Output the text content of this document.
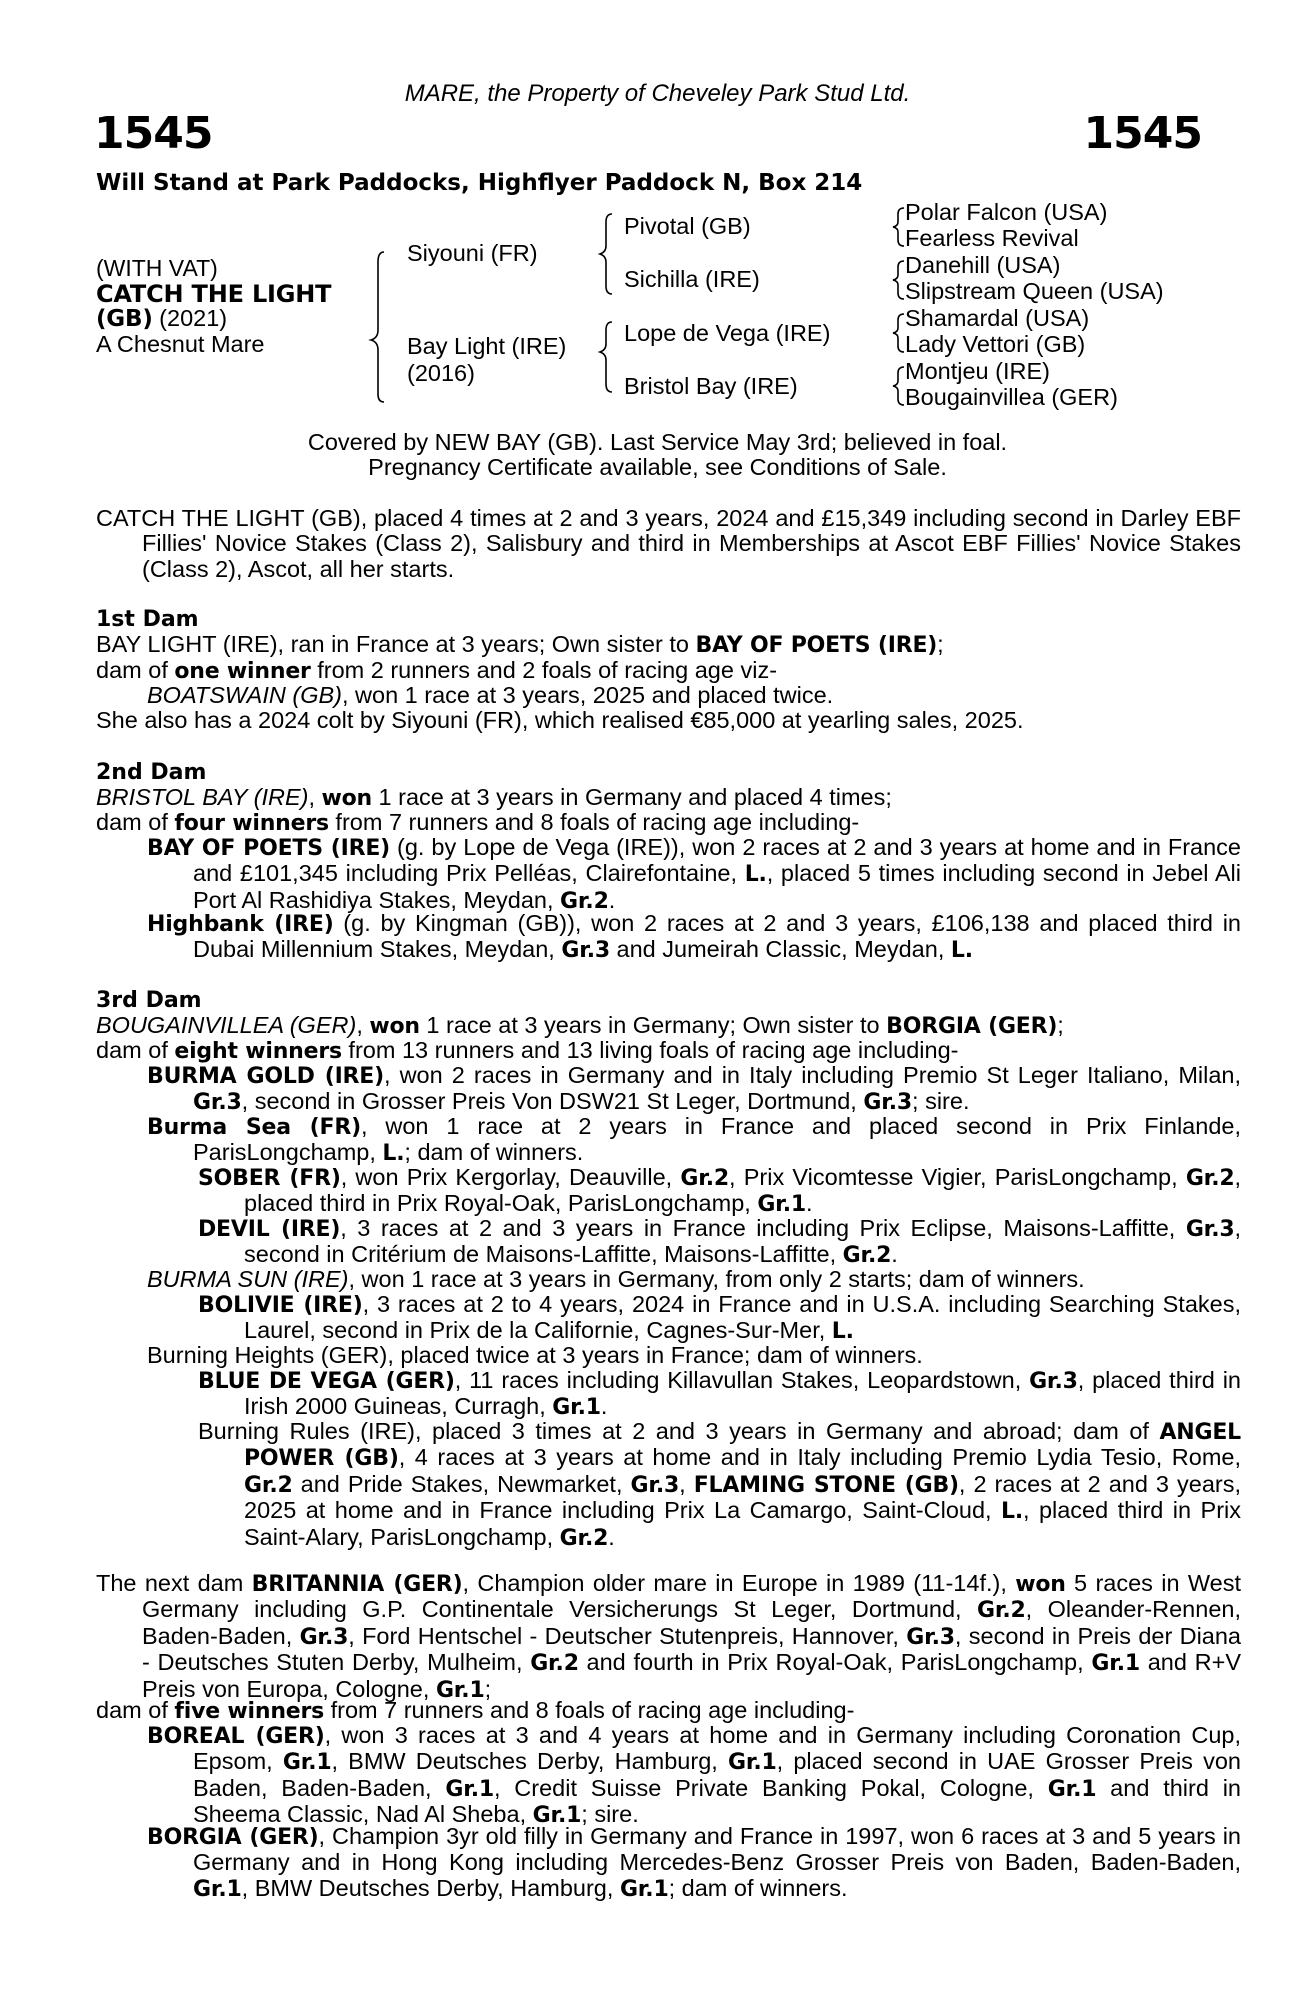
MARE, the Property of Cheveley Park Stud Ltd.
1545	1545
Will Stand at Park Paddocks, Highflyer Paddock N, Box 214
(WITH VAT)
CATCH THE LIGHT
(GB) (2021)
A Chesnut Mare
Siyouni (FR)
Bay Light (IRE)
(2016)
Pivotal (GB)
Sichilla (IRE)
Lope de Vega (IRE)
Bristol Bay (IRE)
Polar Falcon (USA)
Fearless Revival
Danehill (USA)
Slipstream Queen (USA)
Shamardal (USA)
Lady Vettori (GB)
Montjeu (IRE)
Bougainvillea (GER)
Covered by NEW BAY (GB). Last Service May 3rd; believed in foal.
Pregnancy Certificate available, see Conditions of Sale.
CATCH THE LIGHT (GB), placed 4 times at 2 and 3 years, 2024 and £15,349 including second in Darley EBF Fillies' Novice Stakes (Class 2), Salisbury and third in Memberships at Ascot EBF Fillies' Novice Stakes (Class 2), Ascot, all her starts.
1st Dam
BAY LIGHT (IRE), ran in France at 3 years; Own sister to BAY OF POETS (IRE);
dam of one winner from 2 runners and 2 foals of racing age viz-
BOATSWAIN (GB), won 1 race at 3 years, 2025 and placed twice.
She also has a 2024 colt by Siyouni (FR), which realised €85,000 at yearling sales, 2025.
2nd Dam
BRISTOL BAY (IRE), won 1 race at 3 years in Germany and placed 4 times;
dam of four winners from 7 runners and 8 foals of racing age including-
BAY OF POETS (IRE) (g. by Lope de Vega (IRE)), won 2 races at 2 and 3 years at home and in France and £101,345 including Prix Pelléas, Clairefontaine, L., placed 5 times including second in Jebel Ali Port Al Rashidiya Stakes, Meydan, Gr.2.
Highbank (IRE) (g. by Kingman (GB)), won 2 races at 2 and 3 years, £106,138 and placed third in Dubai Millennium Stakes, Meydan, Gr.3 and Jumeirah Classic, Meydan, L.
3rd Dam
BOUGAINVILLEA (GER), won 1 race at 3 years in Germany; Own sister to BORGIA (GER);
dam of eight winners from 13 runners and 13 living foals of racing age including-
BURMA GOLD (IRE), won 2 races in Germany and in Italy including Premio St Leger Italiano, Milan, Gr.3, second in Grosser Preis Von DSW21 St Leger, Dortmund, Gr.3; sire.
Burma Sea (FR), won 1 race at 2 years in France and placed second in Prix Finlande, ParisLongchamp, L.; dam of winners.
SOBER (FR), won Prix Kergorlay, Deauville, Gr.2, Prix Vicomtesse Vigier, ParisLongchamp, Gr.2, placed third in Prix Royal-Oak, ParisLongchamp, Gr.1.
DEVIL (IRE), 3 races at 2 and 3 years in France including Prix Eclipse, Maisons-Laffitte, Gr.3, second in Critérium de Maisons-Laffitte, Maisons-Laffitte, Gr.2.
BURMA SUN (IRE), won 1 race at 3 years in Germany, from only 2 starts; dam of winners.
BOLIVIE (IRE), 3 races at 2 to 4 years, 2024 in France and in U.S.A. including Searching Stakes, Laurel, second in Prix de la Californie, Cagnes-Sur-Mer, L.
Burning Heights (GER), placed twice at 3 years in France; dam of winners.
BLUE DE VEGA (GER), 11 races including Killavullan Stakes, Leopardstown, Gr.3, placed third in Irish 2000 Guineas, Curragh, Gr.1.
Burning Rules (IRE), placed 3 times at 2 and 3 years in Germany and abroad; dam of ANGEL POWER (GB), 4 races at 3 years at home and in Italy including Premio Lydia Tesio, Rome, Gr.2 and Pride Stakes, Newmarket, Gr.3, FLAMING STONE (GB), 2 races at 2 and 3 years, 2025 at home and in France including Prix La Camargo, Saint-Cloud, L., placed third in Prix Saint-Alary, ParisLongchamp, Gr.2.
The next dam BRITANNIA (GER), Champion older mare in Europe in 1989 (11-14f.), won 5 races in West Germany including G.P. Continentale Versicherungs St Leger, Dortmund, Gr.2, Oleander-Rennen, Baden-Baden, Gr.3, Ford Hentschel - Deutscher Stutenpreis, Hannover, Gr.3, second in Preis der Diana - Deutsches Stuten Derby, Mulheim, Gr.2 and fourth in Prix Royal-Oak, ParisLongchamp, Gr.1 and R+V Preis von Europa, Cologne, Gr.1;
dam of five winners from 7 runners and 8 foals of racing age including-
BOREAL (GER), won 3 races at 3 and 4 years at home and in Germany including Coronation Cup, Epsom, Gr.1, BMW Deutsches Derby, Hamburg, Gr.1, placed second in UAE Grosser Preis von Baden, Baden-Baden, Gr.1, Credit Suisse Private Banking Pokal, Cologne, Gr.1 and third in Sheema Classic, Nad Al Sheba, Gr.1; sire.
BORGIA (GER), Champion 3yr old filly in Germany and France in 1997, won 6 races at 3 and 5 years in Germany and in Hong Kong including Mercedes-Benz Grosser Preis von Baden, Baden-Baden, Gr.1, BMW Deutsches Derby, Hamburg, Gr.1; dam of winners.
